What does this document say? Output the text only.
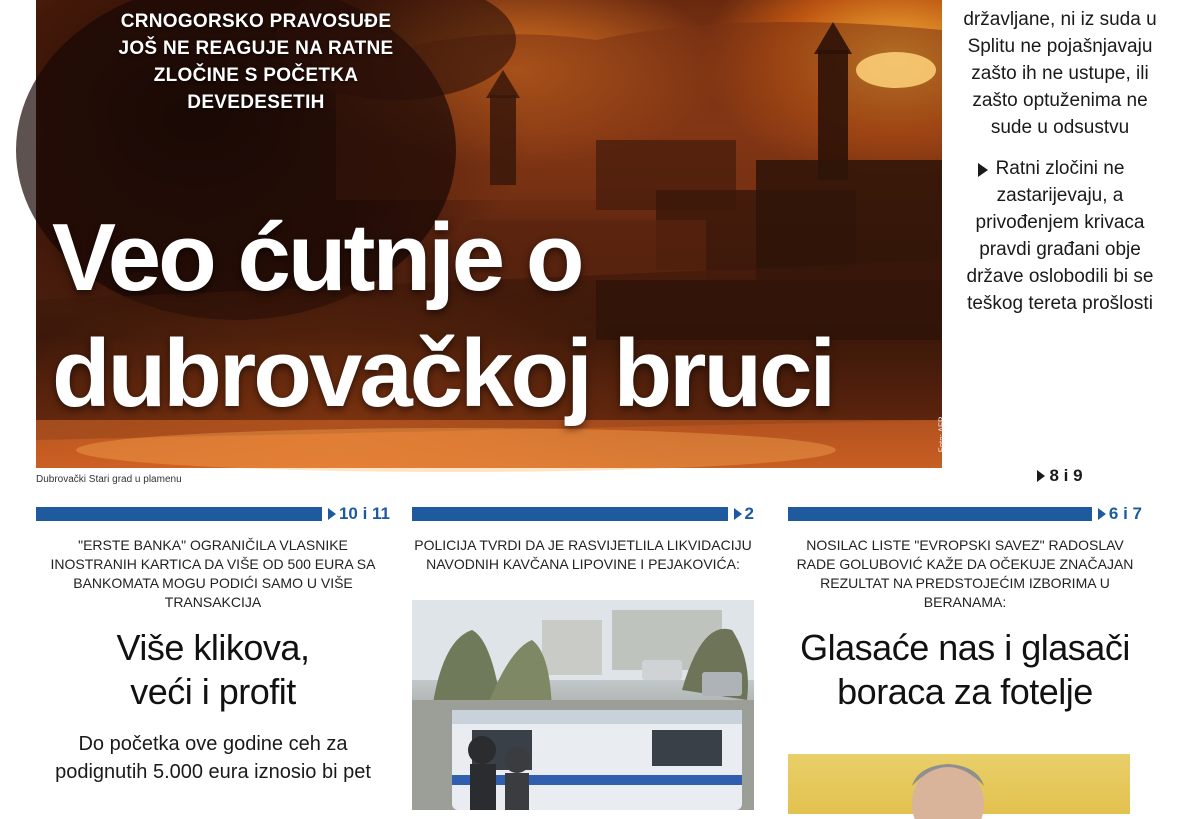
CRNOGORSKO PRAVOSUĐE JOŠ NE REAGUJE NA RATNE ZLOČINE S POČETKA DEVEDESETIH
Veo ćutnje o
dubrovačkoj bruci
Foto: AFP
Dubrovački Stari grad u plamenu
državljane, ni iz suda u Splitu ne pojašnjavaju zašto ih ne ustupe, ili zašto optuženima ne sude u odsustvu
Ratni zločini ne zastarijevaju, a privođenjem krivaca pravdi građani obje države oslobodili bi se teškog tereta prošlosti
8 i 9
10 i 11
"ERSTE BANKA" OGRANIČILA VLASNIKE INOSTRANIH KARTICA DA VIŠE OD 500 EURA SA BANKOMATA MOGU PODIĆI SAMO U VIŠE TRANSAKCIJA
Više klikova,
veći i profit
Do početka ove godine ceh za podignutih 5.000 eura iznosio bi pet
2
POLICIJA TVRDI DA JE RASVIJETLILA LIKVIDACIJU NAVODNIH KAVČANA LIPOVINE I PEJAKOVIĆA:
6 i 7
NOSILAC LISTE "EVROPSKI SAVEZ" RADOSLAV RADE GOLUBOVIĆ KAŽE DA OČEKUJE ZNAČAJAN REZULTAT NA PREDSTOJEĆIM IZBORIMA U BERANAMA:
Glasaće nas i glasači
boraca za fotelje
